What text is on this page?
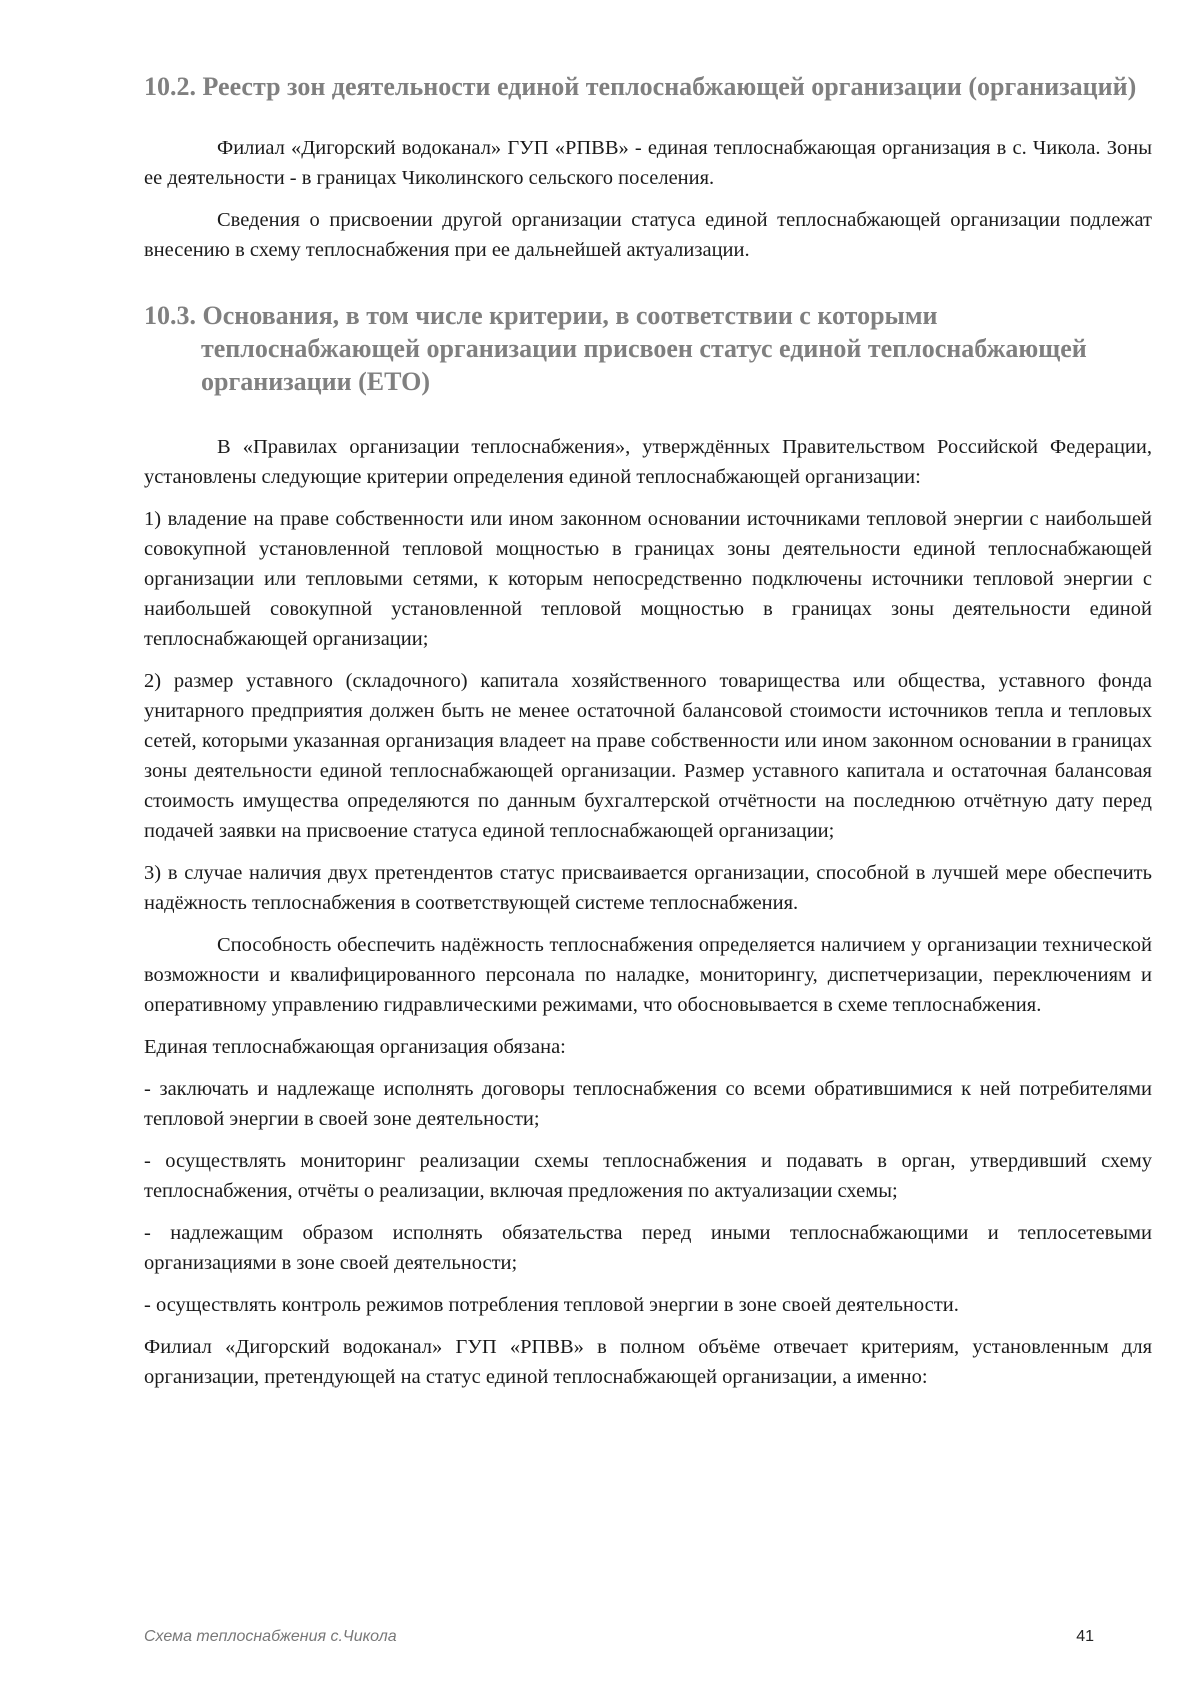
10.2. Реестр зон деятельности единой теплоснабжающей организации (организаций)

Филиал «Дигорский водоканал» ГУП «РПВВ» - единая теплоснабжающая организация в с. Чикола. Зоны ее деятельности - в границах Чиколинского сельского поселения.

Сведения о присвоении другой организации статуса единой теплоснабжающей организации подлежат внесению в схему теплоснабжения при ее дальнейшей актуализации.

10.3. Основания, в том числе критерии, в соответствии с которыми теплоснабжающей организации присвоен статус единой теплоснабжающей организации (ЕТО)

В «Правилах организации теплоснабжения», утверждённых Правительством Российской Федерации, установлены следующие критерии определения единой теплоснабжающей организации:

1) владение на праве собственности или ином законном основании источниками тепловой энергии с наибольшей совокупной установленной тепловой мощностью в границах зоны деятельности единой теплоснабжающей организации или тепловыми сетями, к которым непосредственно подключены источники тепловой энергии с наибольшей совокупной установленной тепловой мощностью в границах зоны деятельности единой теплоснабжающей организации;

2) размер уставного (складочного) капитала хозяйственного товарищества или общества, уставного фонда унитарного предприятия должен быть не менее остаточной балансовой стоимости источников тепла и тепловых сетей, которыми указанная организация владеет на праве собственности или ином законном основании в границах зоны деятельности единой теплоснабжающей организации. Размер уставного капитала и остаточная балансовая стоимость имущества определяются по данным бухгалтерской отчётности на последнюю отчётную дату перед подачей заявки на присвоение статуса единой теплоснабжающей организации;

3) в случае наличия двух претендентов статус присваивается организации, способной в лучшей мере обеспечить надёжность теплоснабжения в соответствующей системе теплоснабжения.

Способность обеспечить надёжность теплоснабжения определяется наличием у организации технической возможности и квалифицированного персонала по наладке, мониторингу, диспетчеризации, переключениям и оперативному управлению гидравлическими режимами, что обосновывается в схеме теплоснабжения.

Единая теплоснабжающая организация обязана:

- заключать и надлежаще исполнять договоры теплоснабжения со всеми обратившимися к ней потребителями тепловой энергии в своей зоне деятельности;

- осуществлять мониторинг реализации схемы теплоснабжения и подавать в орган, утвердивший схему теплоснабжения, отчёты о реализации, включая предложения по актуализации схемы;

- надлежащим образом исполнять обязательства перед иными теплоснабжающими и теплосетевыми организациями в зоне своей деятельности;

- осуществлять контроль режимов потребления тепловой энергии в зоне своей деятельности.

Филиал «Дигорский водоканал» ГУП «РПВВ» в полном объёме отвечает критериям, установленным для организации, претендующей на статус единой теплоснабжающей организации, а именно:

Схема теплоснабжения с.Чикола	41
